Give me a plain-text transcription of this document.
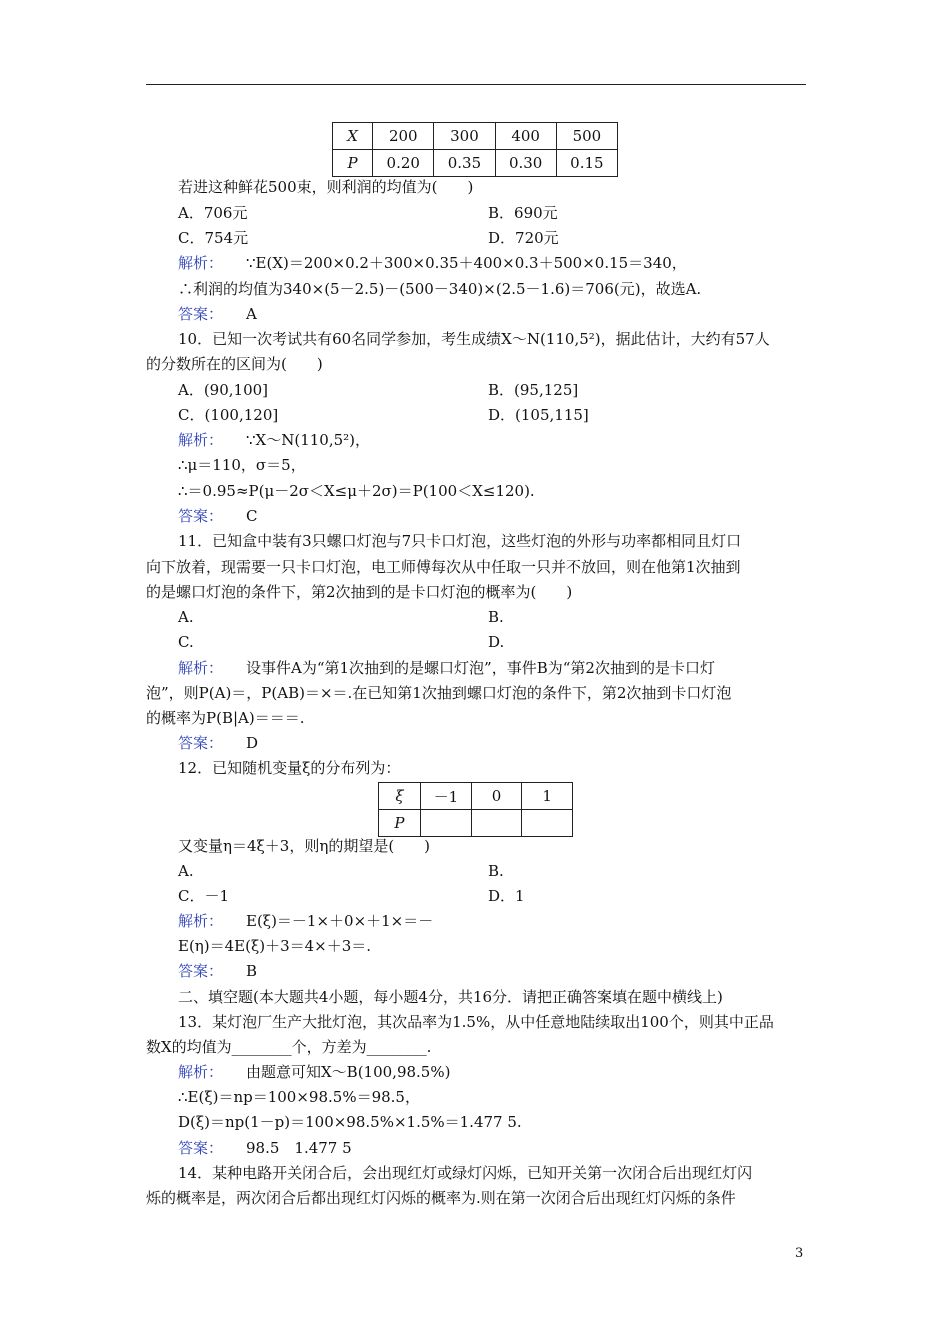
X	200	300	400	500
P	0.20	0.35	0.30	0.15
若进这种鲜花500束，则利润的均值为(　　)
A．706元	B．690元
C．754元	D．720元
解析： ∵E(X)＝200×0.2＋300×0.35＋400×0.3＋500×0.15＝340，
∴利润的均值为340×(5－2.5)－(500－340)×(2.5－1.6)＝706(元)，故选A.
答案： A
10．已知一次考试共有60名同学参加，考生成绩X～N(110,5²)，据此估计，大约有57人
的分数所在的区间为(　　)
A．(90,100]	B．(95,125]
C．(100,120]	D．(105,115]
解析： ∵X～N(110,5²)，
∴μ＝110，σ＝5，
∴＝0.95≈P(μ－2σ＜X≤μ＋2σ)＝P(100＜X≤120).
答案： C
11．已知盒中装有3只螺口灯泡与7只卡口灯泡，这些灯泡的外形与功率都相同且灯口
向下放着，现需要一只卡口灯泡，电工师傅每次从中任取一只并不放回，则在他第1次抽到
的是螺口灯泡的条件下，第2次抽到的是卡口灯泡的概率为(　　)
A.	B.
C.	D.
解析： 设事件A为“第1次抽到的是螺口灯泡”，事件B为“第2次抽到的是卡口灯
泡”，则P(A)＝，P(AB)＝×＝.在已知第1次抽到螺口灯泡的条件下，第2次抽到卡口灯泡
的概率为P(B|A)＝＝＝.
答案： D
12．已知随机变量ξ的分布列为：
ξ	－1	0	1
P			
又变量η＝4ξ＋3，则η的期望是(　　)
A.	B.
C．－1	D．1
解析： E(ξ)＝－1×＋0×＋1×＝－
E(η)＝4E(ξ)＋3＝4×＋3＝.
答案： B
二、填空题(本大题共4小题，每小题4分，共16分．请把正确答案填在题中横线上)
13．某灯泡厂生产大批灯泡，其次品率为1.5%，从中任意地陆续取出100个，则其中正品
数X的均值为________个，方差为________.
解析： 由题意可知X～B(100,98.5%)
∴E(ξ)＝np＝100×98.5%＝98.5，
D(ξ)＝np(1－p)＝100×98.5%×1.5%＝1.477 5.
答案： 98.5　1.477 5
14．某种电路开关闭合后，会出现红灯或绿灯闪烁，已知开关第一次闭合后出现红灯闪
烁的概率是，两次闭合后都出现红灯闪烁的概率为.则在第一次闭合后出现红灯闪烁的条件
3
